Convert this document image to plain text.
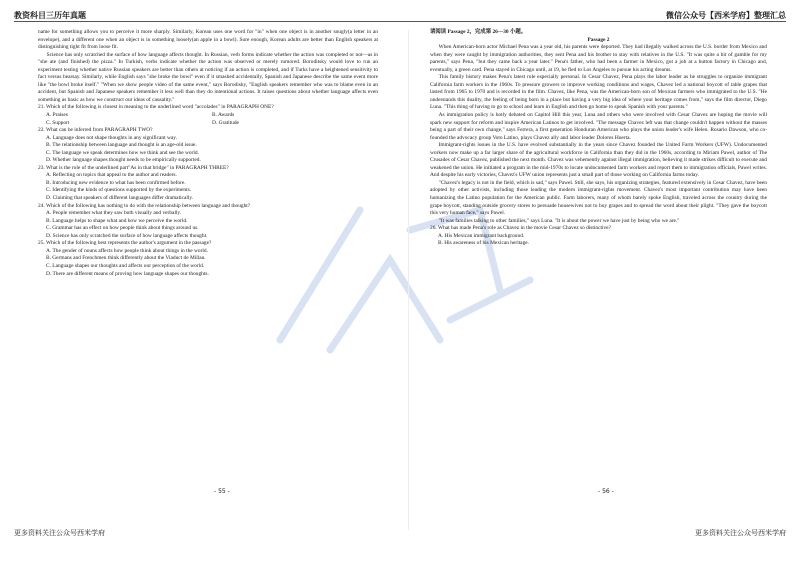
教资科目三历年真题	微信公众号【西米学府】整理汇总

name for something allows you to perceive it more sharply. Similarly, Korean uses one word for "in" when one object is in another snugly(a letter in an envelope), and a different one when an object is in something loosely(an apple in a bowl). Sure enough, Korean adults are better than English speakers at distinguishing tight fit from loose fit.

Science has only scratched the surface of how language affects thought. In Russian, verb forms indicate whether the action was completed or not—as in "she ate (and finished) the pizza." In Turkish, verbs indicate whether the action was observed or merely rumored. Boroditsky would love to run an experiment testing whether native Russian speakers are better than others at noticing if an action is completed, and if Turks have a heightened sensitivity to fact versus hearsay. Similarly, while English says "she broke the bowl" even if it smashed accidentally, Spanish and Japanese describe the same event more like "the bowl broke itself." "When we show people video of the same event," says Borodisky, "English speakers remember who was to blame even in an accident, but Spanish and Japanese speakers remember it less well than they do intentional actions. It raises questions about whether language affects even something as basic as how we construct our ideas of causality."

21. Which of the following is closest in meaning to the underlined word "accolades" in PARAGRAPH ONE?

A. Praises	B. Awards
C. Support	D. Gratitude

22. What can be inferred from PARAGRAPH TWO?

A. Language does not shape thoughts in any significant way.

B. The relationship between language and thought is an age-old issue.

C. The language we speak determines how we think and see the world.

D. Whether language shapes thought needs to be empirically supported.

23. What is the role of the underlined part"As in that bridge" in PARAGRAPH THREE?

A. Reflecting on topics that appeal to the author and readers.

B. Introducing new evidence to what has been confirmed before.

C. Identifying the kinds of questions supported by the experiments.

D. Claiming that speakers of different languages differ dramatically.

24. Which of the following has nothing to do with the relationship between language and thought?

A. People remember what they saw both visually and verbally.

B. Language helps to shape what and how we perceive the world.

C. Grammar has an effect on how people think about things around us.

D. Science has only scratched the surface of how language affects thought.

25. Which of the following best represents the author's argument in the passage?

A. The gender of nouns affects how people think about things in the world.

B. Germans and Frenchmen think differently about the Viaduct de Millau.

C. Language shapes our thoughts and affects our perception of the world.

D. There are different means of proving how language shapes our thoughts.

请阅读 Passage 2，完成第 26—30 小题。

Passage 2

When American-born actor Michael Pena was a year old, his parents were deported. They had illegally walked across the U.S. border from Mexico and when they were caught by immigration authorities, they sent Pena and his brother to stay with relatives in the U.S. "It was quite a bit of gamble for my parents," says Pena, "but they came back a year later." Pena's father, who had been a farmer in Mexico, got a job at a button factory in Chicago and, eventually, a green card. Pena stayed in Chicago until, at 19, he fled to Los Angeles to pursue his acting dreams.

This family history makes Pena's latest role especially personal. In Cesar Chavez, Pena plays the labor leader as he struggles to organize immigrant California farm workers in the 1960s. To pressure growers to improve working conditions and wages, Chavez led a national boycott of table grapes that lasted from 1965 to 1970 and is recorded in the film. Chavez, like Pena, was the American-born son of Mexican farmers who immigrated to the U.S. "He understands this duality, the feeling of being born in a place but having a very big idea of where your heritage comes from," says the film director, Diego Luna. "This thing of having to go to school and learn in English and then go home to speak Spanish with your parents."

As immigration policy is hotly debated on Capitol Hill this year, Luna and others who were involved with Cesar Chavez are hoping the movie will spark new support for reform and inspire American Latinos to get involved. "The message Chavez left was that change couldn't happen without the masses being a part of their own change," says Ferrera, a first generation Honduran American who plays the union leader's wife Helen. Rosario Dawson, who co-founded the advocacy group Voto Latino, plays Chavez ally and labor leader Dolores Huerta.

Immigrant-rights issues in the U.S. have evolved substantially in the years since Chavez founded the United Farm Workers (UFW). Undocumented workers now make up a far larger share of the agricultural workforce in California than they did in the 1960s, according to Miriam Pawel, author of The Crusades of Cesar Chavez, published the next month. Chavez was vehemently against illegal immigration, believing it made strikes difficult to execute and weakened the union. He initiated a program in the mid-1970s to locate undocumented farm workers and report them to immigration officials, Pawel writes. And despite his early victories, Chavez's UFW union represents just a small part of those working on California farms today.

"Chavez's legacy is not in the field, which is sad," says Pawel. Still, she says, his organizing strategies, featured extensively in Cesar Chavez, have been adopted by other activists, including those leading the modern immigrant-rights movement. Chavez's most important contribution may have been humanizing the Latino population for the American public. Farm laborers, many of whom barely spoke English, traveled across the country during the grape boycott, standing outside grocery stores to persuade housewives not to buy grapes and to spread the word about their plight. "They gave the boycott this very human face," says Pawel.

"It was families talking to other families," says Luna. "It is about the power we have just by being who we are."

26. What has made Pena's role as Chavez in the movie Cesar Chavez so distinctive?

A. His Mexican immigrant background.

B. His awareness of his Mexican heritage.

- 55 -	- 56 -
更多资料关注公众号西米学府	更多资料关注公众号西米学府
